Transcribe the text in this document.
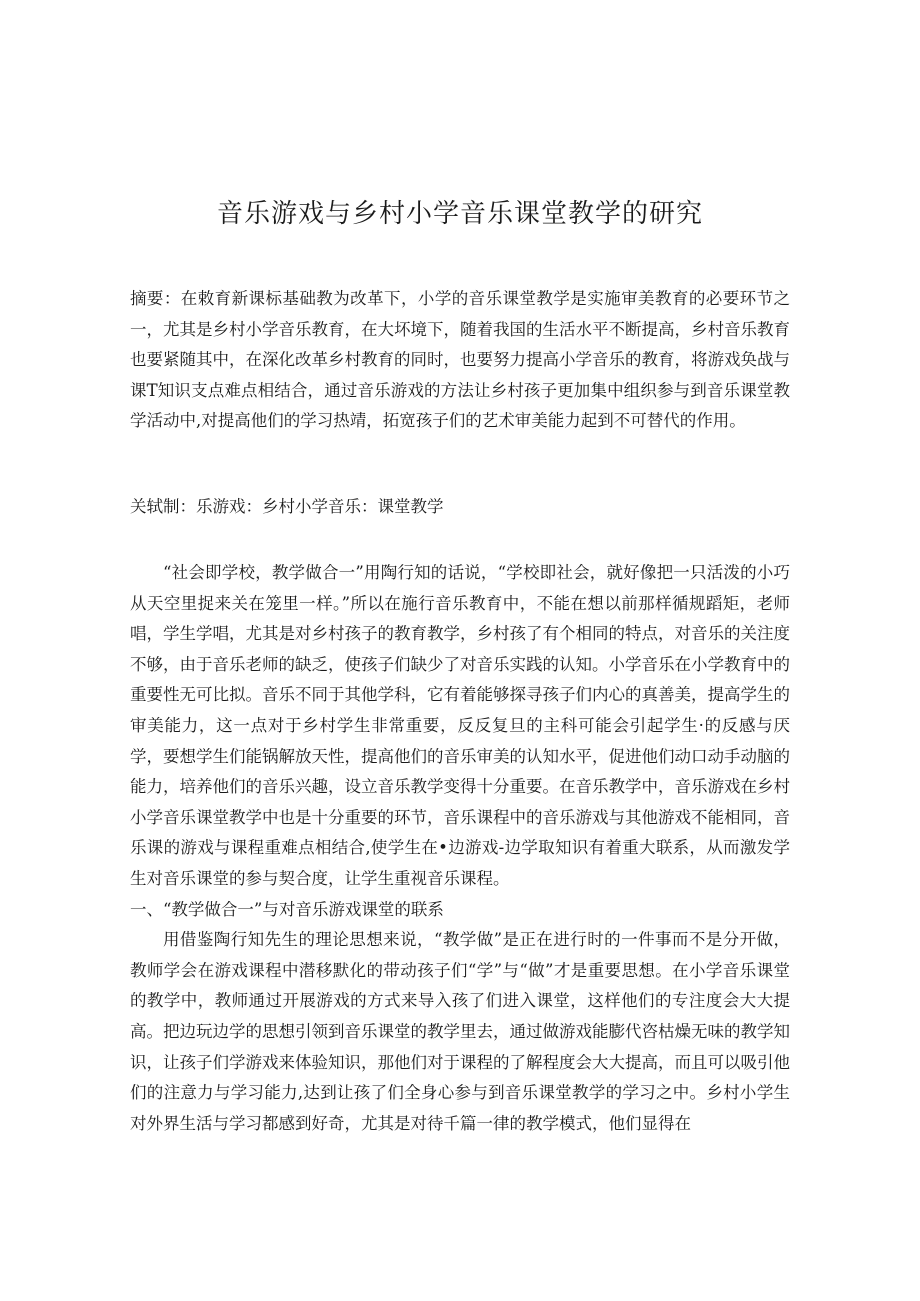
音乐游戏与乡村小学音乐课堂教学的研究

摘要：在敕育新课标基础教为改革下，小学的音乐课堂教学是实施审美教育的必要环节之一，尤其是乡村小学音乐教育，在大坏境下，随着我国的生活水平不断提高，乡村音乐教育也要紧随其中，在深化改革乡村教育的同时，也要努力提高小学音乐的教育，将游戏奂战与课T知识支点难点相结合，通过音乐游戏的方法让乡村孩子更加集中组织参与到音乐课堂教学活动中,对提高他们的学习热靖，拓宽孩子们的艺术审美能力起到不可替代的作用。

关轼制：乐游戏：乡村小学音乐：课堂教学

“社会即学校，教学做合一”用陶行知的话说，“学校即社会，就好像把一只活泼的小巧从天空里捉来关在笼里一样。”所以在施行音乐教育中，不能在想以前那样循规蹈矩，老师唱，学生学唱，尤其是对乡村孩子的教育教学，乡村孩了有个相同的特点，对音乐的关注度不够，由于音乐老师的缺乏，使孩子们缺少了对音乐实践的认知。小学音乐在小学教育中的重要性无可比拟。音乐不同于其他学科，它有着能够探寻孩子们内心的真善美，提高学生的审美能力，这一点对于乡村学生非常重要，反反复旦的主科可能会引起学生·的反感与厌学，要想学生们能锅解放天性，提高他们的音乐审美的认知水平，促进他们动口动手动脑的能力，培养他们的音乐兴趣，设立音乐教学变得十分重要。在音乐教学中，音乐游戏在乡村小学音乐课堂教学中也是十分重要的环节，音乐课程中的音乐游戏与其他游戏不能相同，音乐课的游戏与课程重难点相结合,使学生在•边游戏-边学取知识有着重大联系，从而激发学生对音乐课堂的参与契合度，让学生重视音乐课程。

一、“教学做合一”与对音乐游戏课堂的联系

用借鉴陶行知先生的理论思想来说，“教学做”是正在进行时的一件事而不是分开做，教师学会在游戏课程中潜移默化的带动孩子们“学”与“做”才是重要思想。在小学音乐课堂的教学中，教师通过开展游戏的方式来导入孩了们进入课堂，这样他们的专注度会大大提高。把边玩边学的思想引领到音乐课堂的教学里去，通过做游戏能膨代咨枯燥无味的教学知识，让孩子们学游戏来体验知识，那他们对于课程的了解程度会大大提高，而且可以吸引他们的注意力与学习能力,达到让孩了们全身心参与到音乐课堂教学的学习之中。乡村小学生对外界生活与学习都感到好奇，尤其是对待千篇一律的教学模式，他们显得在
